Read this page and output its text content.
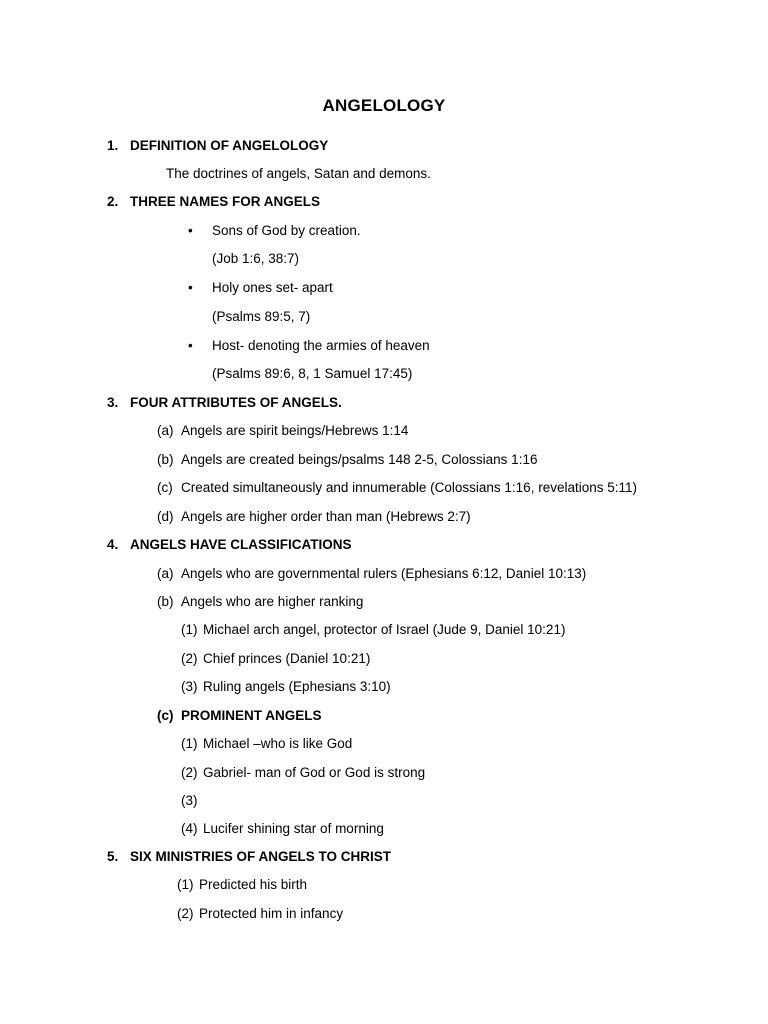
ANGELOLOGY
1. DEFINITION OF ANGELOLOGY
The doctrines of angels, Satan and demons.
2. THREE NAMES FOR ANGELS
• Sons of God by creation.
(Job 1:6, 38:7)
• Holy ones set- apart
(Psalms 89:5, 7)
• Host- denoting the armies of heaven
(Psalms 89:6, 8, 1 Samuel 17:45)
3. FOUR ATTRIBUTES OF ANGELS.
(a) Angels are spirit beings/Hebrews 1:14
(b) Angels are created beings/psalms 148 2-5, Colossians 1:16
(c) Created simultaneously and innumerable (Colossians 1:16, revelations 5:11)
(d) Angels are higher order than man (Hebrews 2:7)
4. ANGELS HAVE CLASSIFICATIONS
(a) Angels who are governmental rulers (Ephesians 6:12, Daniel 10:13)
(b) Angels who are higher ranking
(1) Michael arch angel, protector of Israel (Jude 9, Daniel 10:21)
(2) Chief princes (Daniel 10:21)
(3) Ruling angels (Ephesians 3:10)
(c) PROMINENT ANGELS
(1) Michael –who is like God
(2) Gabriel- man of God or God is strong
(3)
(4) Lucifer shining star of morning
5. SIX MINISTRIES OF ANGELS TO CHRIST
(1) Predicted his birth
(2) Protected him in infancy
